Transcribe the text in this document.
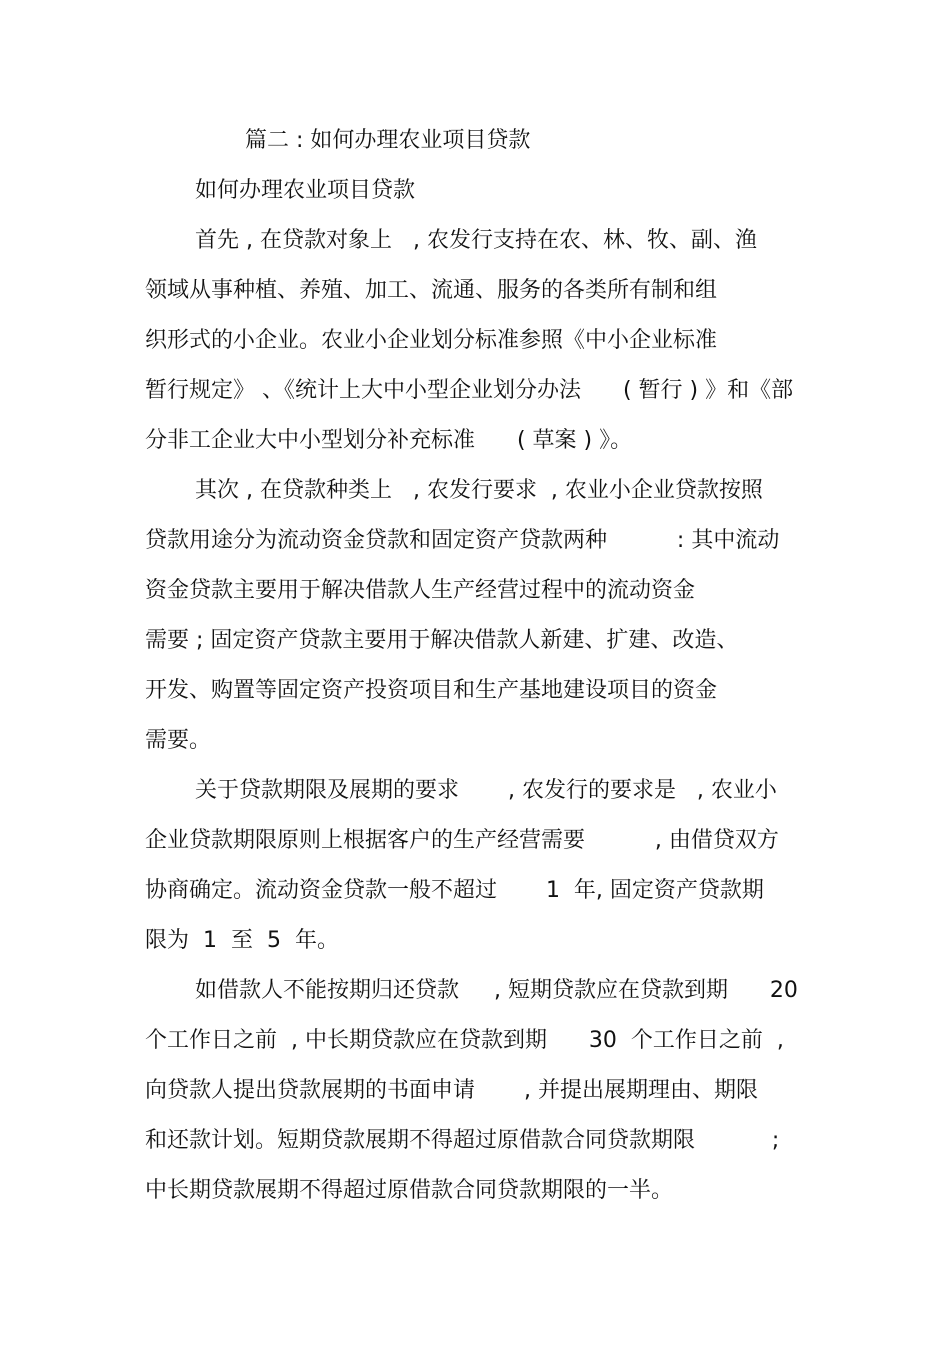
篇二 : 如何办理农业项目贷款
如何办理农业项目贷款
首先 , 在贷款对象上   , 农发行支持在农、林、牧、副、渔
领域从事种植、养殖、加工、流通、服务的各类所有制和组
织形式的小企业。农业小企业划分标准参照《中小企业标准
暂行规定》 、《统计上大中小型企业划分办法      ( 暂行 ) 》和《部
分非工企业大中小型划分补充标准      ( 草案 ) 》。
其次 , 在贷款种类上   , 农发行要求  , 农业小企业贷款按照
贷款用途分为流动资金贷款和固定资产贷款两种          : 其中流动
资金贷款主要用于解决借款人生产经营过程中的流动资金
需要 ; 固定资产贷款主要用于解决借款人新建、扩建、改造、
开发、购置等固定资产投资项目和生产基地建设项目的资金
需要。
关于贷款期限及展期的要求       , 农发行的要求是   , 农业小
企业贷款期限原则上根据客户的生产经营需要          , 由借贷双方
协商确定。流动资金贷款一般不超过       1  年, 固定资产贷款期
限为  1  至  5  年。
如借款人不能按期归还贷款     , 短期贷款应在贷款到期      20
个工作日之前  , 中长期贷款应在贷款到期      30  个工作日之前  ,
向贷款人提出贷款展期的书面申请       , 并提出展期理由、期限
和还款计划。短期贷款展期不得超过原借款合同贷款期限           ;
中长期贷款展期不得超过原借款合同贷款期限的一半。
